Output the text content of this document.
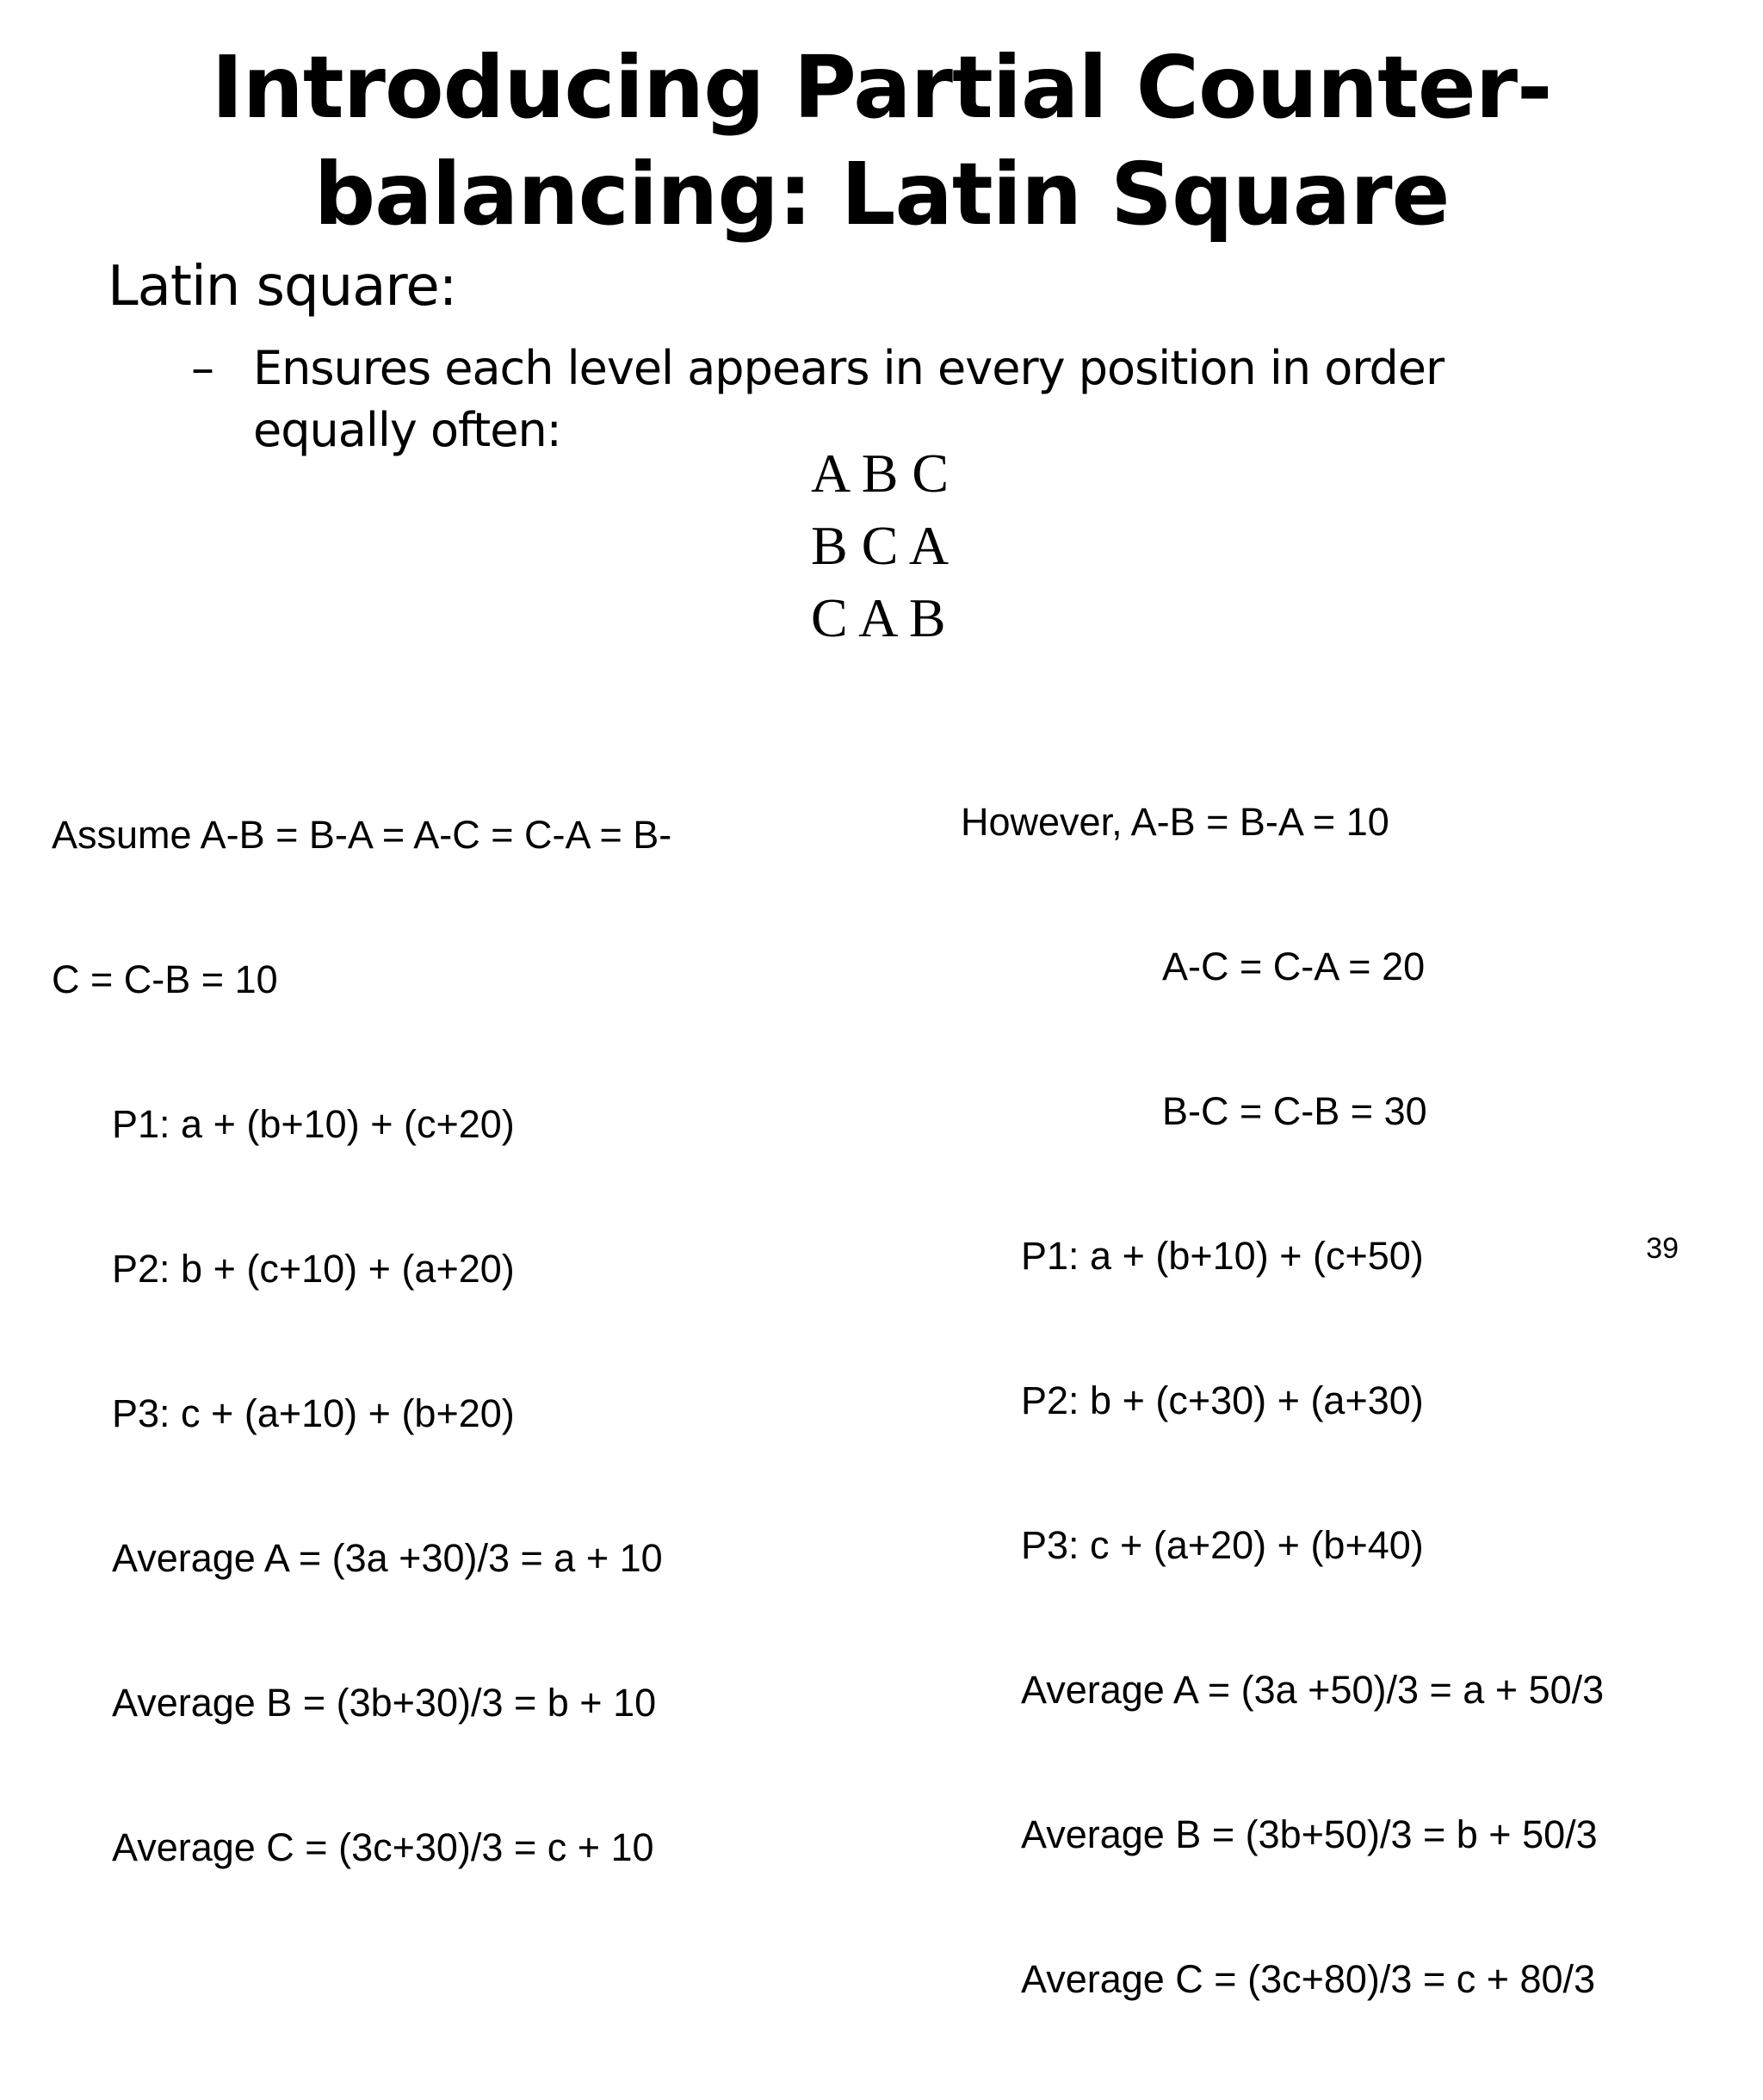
Introducing Partial Counter-
balancing: Latin Square
Latin square:
– Ensures each level appears in every position in order
equally often:
A B C
B C A
C A B

Assume A-B = B-A = A-C = C-A = B-

C = C-B = 10

P1: a + (b+10) + (c+20)

P2: b + (c+10) + (a+20)

P3: c + (a+10) + (b+20)

Average A = (3a +30)/3 = a + 10

Average B = (3b+30)/3 = b + 10

Average C = (3c+30)/3 = c + 10

However, A-B = B-A = 10

A-C = C-A = 20

B-C = C-B = 30

P1: a + (b+10) + (c+50)

P2: b + (c+30) + (a+30)

P3: c + (a+20) + (b+40)

Average A = (3a +50)/3 = a + 50/3

Average B = (3b+50)/3 = b + 50/3

Average C = (3c+80)/3 = c + 80/3

39
